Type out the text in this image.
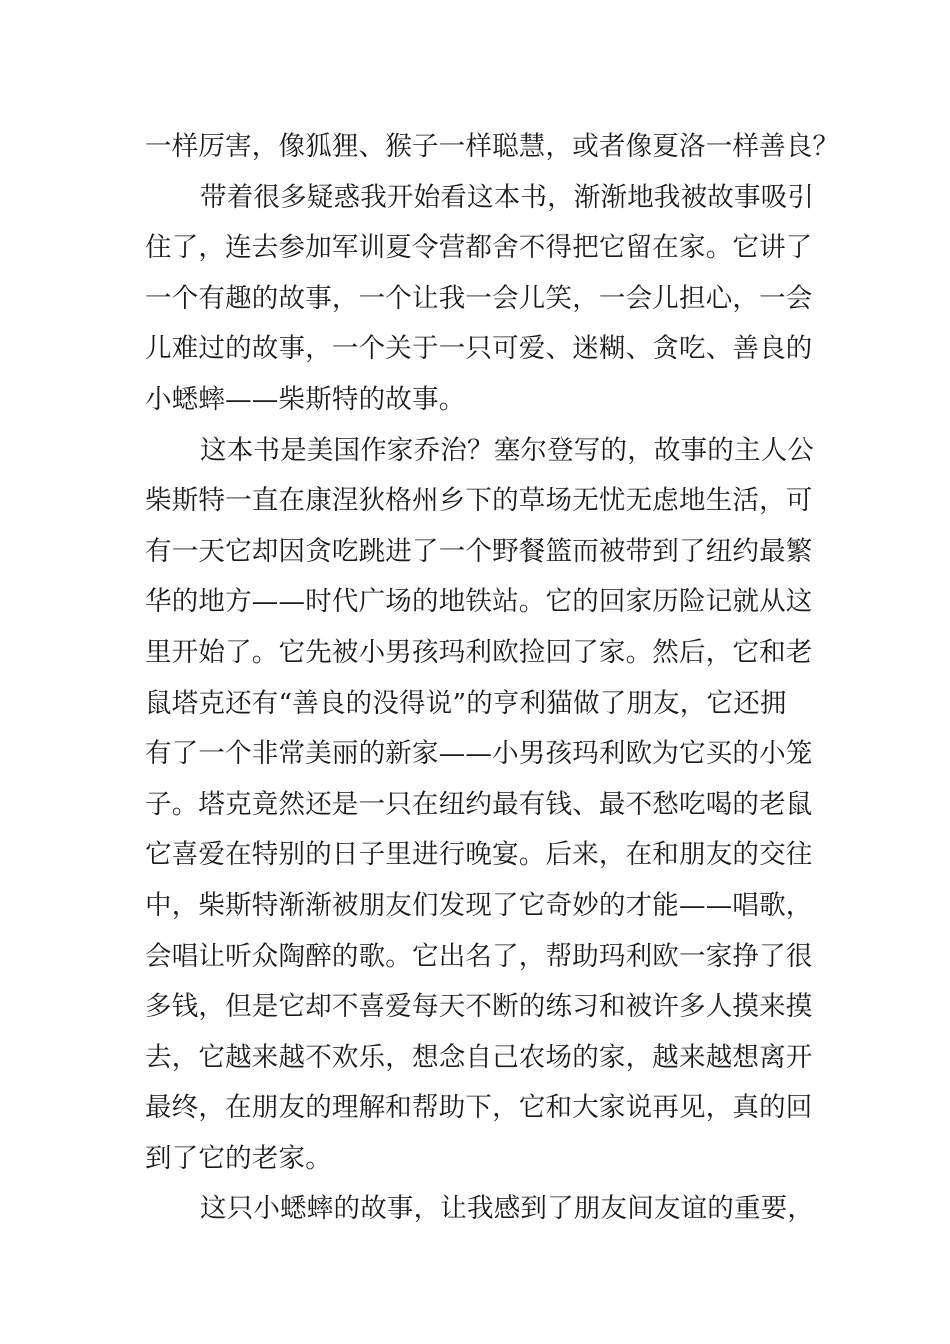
一样厉害，像狐狸、猴子一样聪慧，或者像夏洛一样善良？
带着很多疑惑我开始看这本书，渐渐地我被故事吸引
住了，连去参加军训夏令营都舍不得把它留在家。它讲了
一个有趣的故事，一个让我一会儿笑，一会儿担心，一会
儿难过的故事，一个关于一只可爱、迷糊、贪吃、善良的
小蟋蟀——柴斯特的故事。
这本书是美国作家乔治？塞尔登写的，故事的主人公
柴斯特一直在康涅狄格州乡下的草场无忧无虑地生活，可
有一天它却因贪吃跳进了一个野餐篮而被带到了纽约最繁
华的地方——时代广场的地铁站。它的回家历险记就从这
里开始了。它先被小男孩玛利欧捡回了家。然后，它和老
鼠塔克还有“善良的没得说”的亨利猫做了朋友，它还拥
有了一个非常美丽的新家——小男孩玛利欧为它买的小笼
子。塔克竟然还是一只在纽约最有钱、最不愁吃喝的老鼠
它喜爱在特别的日子里进行晚宴。后来，在和朋友的交往
中，柴斯特渐渐被朋友们发现了它奇妙的才能——唱歌，
会唱让听众陶醉的歌。它出名了，帮助玛利欧一家挣了很
多钱，但是它却不喜爱每天不断的练习和被许多人摸来摸
去，它越来越不欢乐，想念自己农场的家，越来越想离开
最终，在朋友的理解和帮助下，它和大家说再见，真的回
到了它的老家。
这只小蟋蟀的故事，让我感到了朋友间友谊的重要，
